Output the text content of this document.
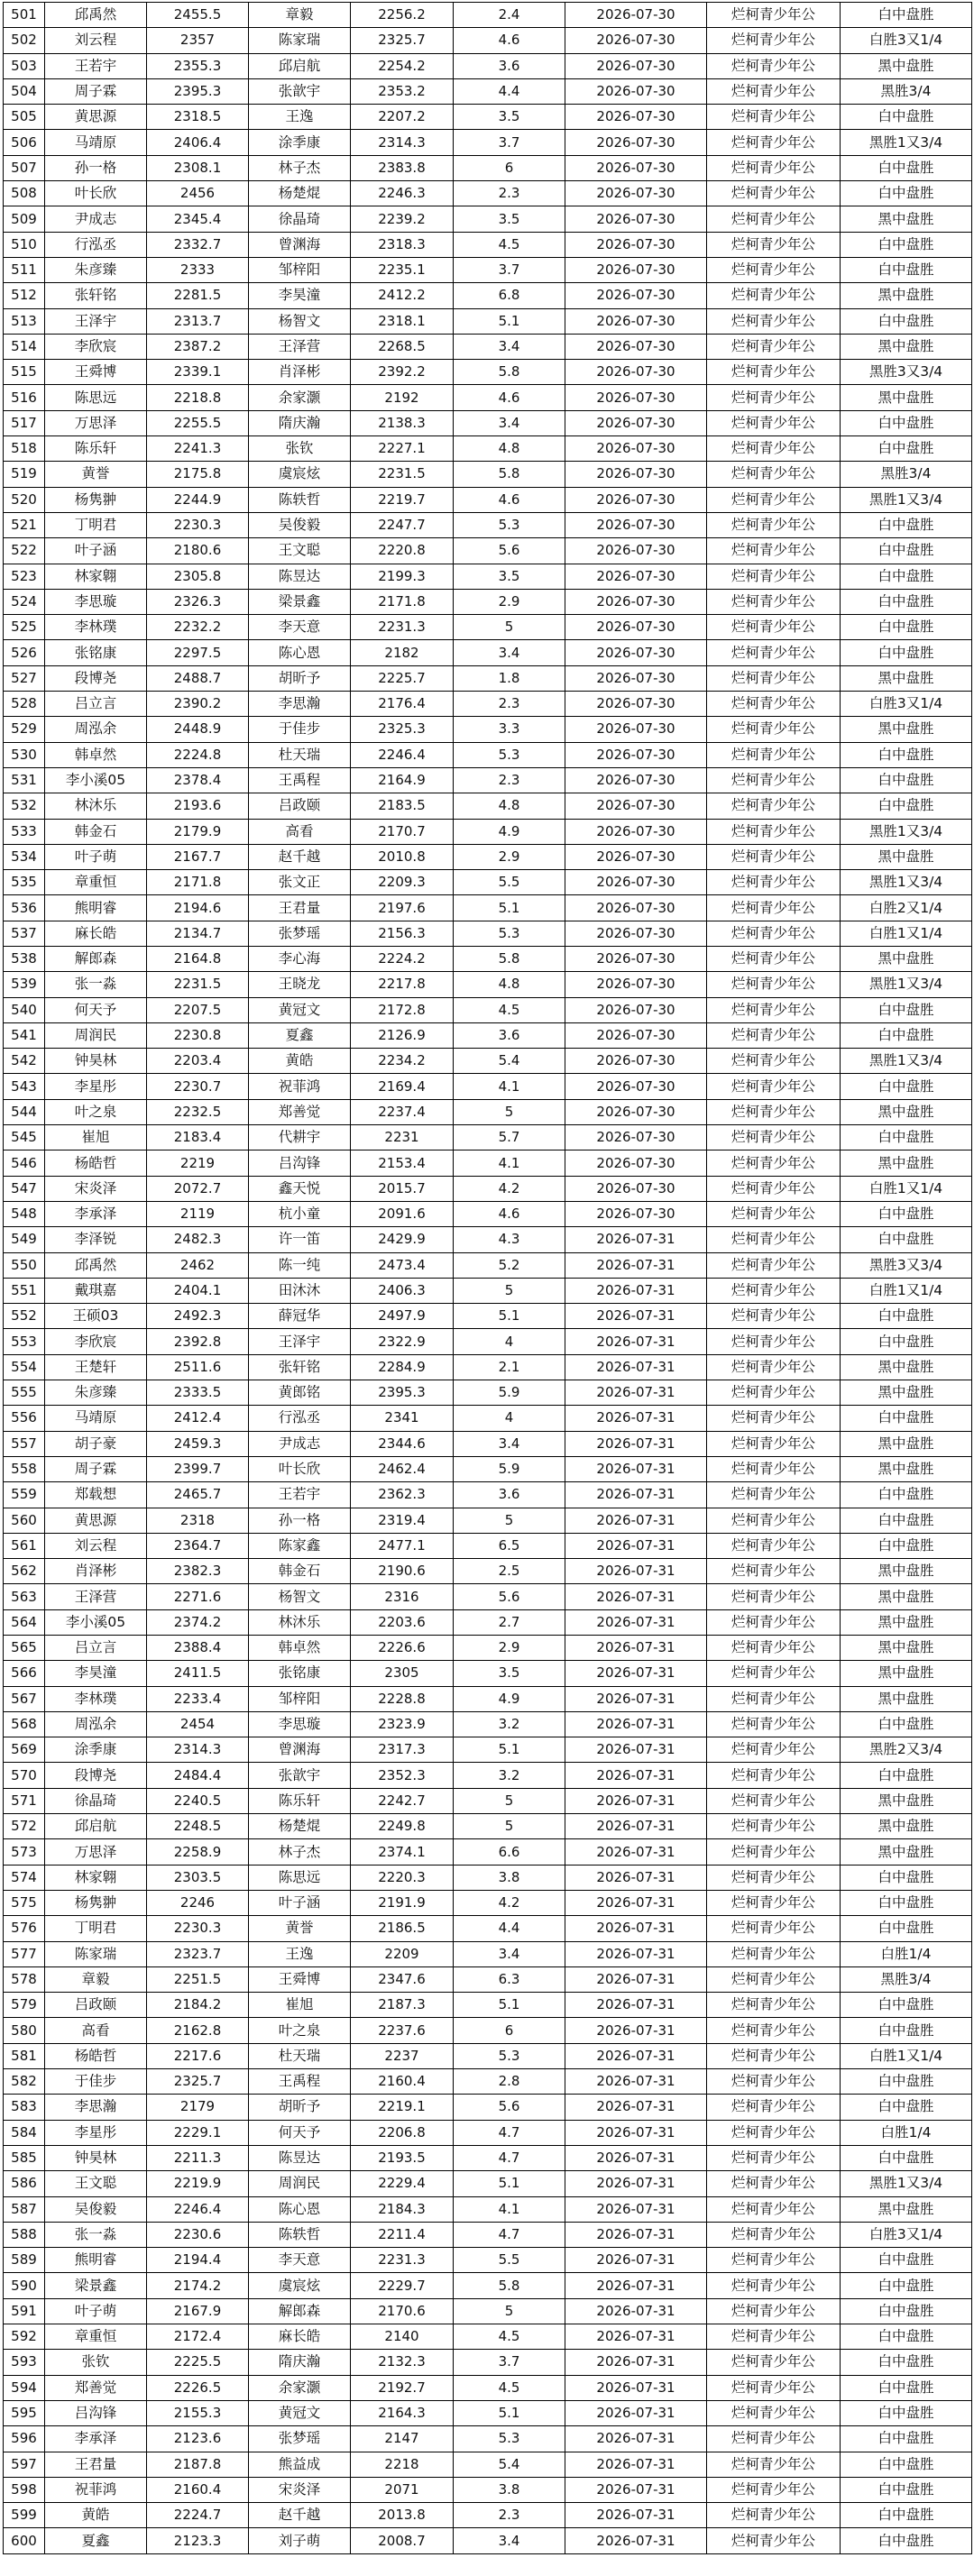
501	邱禹然	2455.5	章毅	2256.2	2.4	2026-07-30	烂柯青少年公	白中盘胜
502	刘云程	2357	陈家瑞	2325.7	4.6	2026-07-30	烂柯青少年公	白胜3又1/4
503	王若宇	2355.3	邱启航	2254.2	3.6	2026-07-30	烂柯青少年公	黑中盘胜
504	周子霖	2395.3	张歆宇	2353.2	4.4	2026-07-30	烂柯青少年公	黑胜3/4
505	黄思源	2318.5	王逸	2207.2	3.5	2026-07-30	烂柯青少年公	白中盘胜
506	马靖原	2406.4	涂季康	2314.3	3.7	2026-07-30	烂柯青少年公	黑胜1又3/4
507	孙一格	2308.1	林子杰	2383.8	6	2026-07-30	烂柯青少年公	白中盘胜
508	叶长欣	2456	杨楚焜	2246.3	2.3	2026-07-30	烂柯青少年公	白中盘胜
509	尹成志	2345.4	徐晶琦	2239.2	3.5	2026-07-30	烂柯青少年公	黑中盘胜
510	行泓丞	2332.7	曾渊海	2318.3	4.5	2026-07-30	烂柯青少年公	白中盘胜
511	朱彦臻	2333	邹梓阳	2235.1	3.7	2026-07-30	烂柯青少年公	白中盘胜
512	张轩铭	2281.5	李昊潼	2412.2	6.8	2026-07-30	烂柯青少年公	黑中盘胜
513	王泽宇	2313.7	杨智文	2318.1	5.1	2026-07-30	烂柯青少年公	白中盘胜
514	李欣宸	2387.2	王泽营	2268.5	3.4	2026-07-30	烂柯青少年公	黑中盘胜
515	王舜博	2339.1	肖泽彬	2392.2	5.8	2026-07-30	烂柯青少年公	黑胜3又3/4
516	陈思远	2218.8	余家灏	2192	4.6	2026-07-30	烂柯青少年公	黑中盘胜
517	万思泽	2255.5	隋庆瀚	2138.3	3.4	2026-07-30	烂柯青少年公	白中盘胜
518	陈乐轩	2241.3	张钦	2227.1	4.8	2026-07-30	烂柯青少年公	白中盘胜
519	黄誉	2175.8	虞宸炫	2231.5	5.8	2026-07-30	烂柯青少年公	黑胜3/4
520	杨隽翀	2244.9	陈轶哲	2219.7	4.6	2026-07-30	烂柯青少年公	黑胜1又3/4
521	丁明君	2230.3	吴俊毅	2247.7	5.3	2026-07-30	烂柯青少年公	白中盘胜
522	叶子涵	2180.6	王文聪	2220.8	5.6	2026-07-30	烂柯青少年公	白中盘胜
523	林家翺	2305.8	陈昱达	2199.3	3.5	2026-07-30	烂柯青少年公	白中盘胜
524	李思璇	2326.3	梁景鑫	2171.8	2.9	2026-07-30	烂柯青少年公	白中盘胜
525	李林璞	2232.2	李天意	2231.3	5	2026-07-30	烂柯青少年公	白中盘胜
526	张铭康	2297.5	陈心恩	2182	3.4	2026-07-30	烂柯青少年公	白中盘胜
527	段博尧	2488.7	胡昕予	2225.7	1.8	2026-07-30	烂柯青少年公	黑中盘胜
528	吕立言	2390.2	李思瀚	2176.4	2.3	2026-07-30	烂柯青少年公	白胜3又1/4
529	周泓余	2448.9	于佳步	2325.3	3.3	2026-07-30	烂柯青少年公	黑中盘胜
530	韩卓然	2224.8	杜天瑞	2246.4	5.3	2026-07-30	烂柯青少年公	白中盘胜
531	李小溪05	2378.4	王禹程	2164.9	2.3	2026-07-30	烂柯青少年公	白中盘胜
532	林沐乐	2193.6	吕政颐	2183.5	4.8	2026-07-30	烂柯青少年公	白中盘胜
533	韩金石	2179.9	高看	2170.7	4.9	2026-07-30	烂柯青少年公	黑胜1又3/4
534	叶子萌	2167.7	赵千越	2010.8	2.9	2026-07-30	烂柯青少年公	黑中盘胜
535	章重恒	2171.8	张文正	2209.3	5.5	2026-07-30	烂柯青少年公	黑胜1又3/4
536	熊明睿	2194.6	王君量	2197.6	5.1	2026-07-30	烂柯青少年公	白胜2又1/4
537	麻长皓	2134.7	张梦瑶	2156.3	5.3	2026-07-30	烂柯青少年公	白胜1又1/4
538	解郎森	2164.8	李心海	2224.2	5.8	2026-07-30	烂柯青少年公	黑中盘胜
539	张一淼	2231.5	王晓龙	2217.8	4.8	2026-07-30	烂柯青少年公	黑胜1又3/4
540	何天予	2207.5	黄冠文	2172.8	4.5	2026-07-30	烂柯青少年公	白中盘胜
541	周润民	2230.8	夏鑫	2126.9	3.6	2026-07-30	烂柯青少年公	白中盘胜
542	钟昊林	2203.4	黄皓	2234.2	5.4	2026-07-30	烂柯青少年公	黑胜1又3/4
543	李星彤	2230.7	祝菲鸿	2169.4	4.1	2026-07-30	烂柯青少年公	白中盘胜
544	叶之泉	2232.5	郑善觉	2237.4	5	2026-07-30	烂柯青少年公	黑中盘胜
545	崔旭	2183.4	代耕宇	2231	5.7	2026-07-30	烂柯青少年公	白中盘胜
546	杨皓哲	2219	吕沟锋	2153.4	4.1	2026-07-30	烂柯青少年公	黑中盘胜
547	宋炎泽	2072.7	鑫天悦	2015.7	4.2	2026-07-30	烂柯青少年公	白胜1又1/4
548	李承泽	2119	杭小童	2091.6	4.6	2026-07-30	烂柯青少年公	白中盘胜
549	李泽锐	2482.3	许一笛	2429.9	4.3	2026-07-31	烂柯青少年公	白中盘胜
550	邱禹然	2462	陈一纯	2473.4	5.2	2026-07-31	烂柯青少年公	黑胜3又3/4
551	戴琪嘉	2404.1	田沐沐	2406.3	5	2026-07-31	烂柯青少年公	白胜1又1/4
552	王硕03	2492.3	薛冠华	2497.9	5.1	2026-07-31	烂柯青少年公	白中盘胜
553	李欣宸	2392.8	王泽宇	2322.9	4	2026-07-31	烂柯青少年公	白中盘胜
554	王楚轩	2511.6	张轩铭	2284.9	2.1	2026-07-31	烂柯青少年公	黑中盘胜
555	朱彦臻	2333.5	黄郎铭	2395.3	5.9	2026-07-31	烂柯青少年公	黑中盘胜
556	马靖原	2412.4	行泓丞	2341	4	2026-07-31	烂柯青少年公	白中盘胜
557	胡子豪	2459.3	尹成志	2344.6	3.4	2026-07-31	烂柯青少年公	黑中盘胜
558	周子霖	2399.7	叶长欣	2462.4	5.9	2026-07-31	烂柯青少年公	黑中盘胜
559	郑载想	2465.7	王若宇	2362.3	3.6	2026-07-31	烂柯青少年公	白中盘胜
560	黄思源	2318	孙一格	2319.4	5	2026-07-31	烂柯青少年公	白中盘胜
561	刘云程	2364.7	陈家鑫	2477.1	6.5	2026-07-31	烂柯青少年公	白中盘胜
562	肖泽彬	2382.3	韩金石	2190.6	2.5	2026-07-31	烂柯青少年公	黑中盘胜
563	王泽营	2271.6	杨智文	2316	5.6	2026-07-31	烂柯青少年公	黑中盘胜
564	李小溪05	2374.2	林沐乐	2203.6	2.7	2026-07-31	烂柯青少年公	黑中盘胜
565	吕立言	2388.4	韩卓然	2226.6	2.9	2026-07-31	烂柯青少年公	黑中盘胜
566	李昊潼	2411.5	张铭康	2305	3.5	2026-07-31	烂柯青少年公	黑中盘胜
567	李林璞	2233.4	邹梓阳	2228.8	4.9	2026-07-31	烂柯青少年公	黑中盘胜
568	周泓余	2454	李思璇	2323.9	3.2	2026-07-31	烂柯青少年公	白中盘胜
569	涂季康	2314.3	曾渊海	2317.3	5.1	2026-07-31	烂柯青少年公	黑胜2又3/4
570	段博尧	2484.4	张歆宇	2352.3	3.2	2026-07-31	烂柯青少年公	白中盘胜
571	徐晶琦	2240.5	陈乐轩	2242.7	5	2026-07-31	烂柯青少年公	黑中盘胜
572	邱启航	2248.5	杨楚焜	2249.8	5	2026-07-31	烂柯青少年公	黑中盘胜
573	万思泽	2258.9	林子杰	2374.1	6.6	2026-07-31	烂柯青少年公	黑中盘胜
574	林家翺	2303.5	陈思远	2220.3	3.8	2026-07-31	烂柯青少年公	白中盘胜
575	杨隽翀	2246	叶子涵	2191.9	4.2	2026-07-31	烂柯青少年公	白中盘胜
576	丁明君	2230.3	黄誉	2186.5	4.4	2026-07-31	烂柯青少年公	白中盘胜
577	陈家瑞	2323.7	王逸	2209	3.4	2026-07-31	烂柯青少年公	白胜1/4
578	章毅	2251.5	王舜博	2347.6	6.3	2026-07-31	烂柯青少年公	黑胜3/4
579	吕政颐	2184.2	崔旭	2187.3	5.1	2026-07-31	烂柯青少年公	白中盘胜
580	高看	2162.8	叶之泉	2237.6	6	2026-07-31	烂柯青少年公	白中盘胜
581	杨皓哲	2217.6	杜天瑞	2237	5.3	2026-07-31	烂柯青少年公	白胜1又1/4
582	于佳步	2325.7	王禹程	2160.4	2.8	2026-07-31	烂柯青少年公	白中盘胜
583	李思瀚	2179	胡昕予	2219.1	5.6	2026-07-31	烂柯青少年公	白中盘胜
584	李星彤	2229.1	何天予	2206.8	4.7	2026-07-31	烂柯青少年公	白胜1/4
585	钟昊林	2211.3	陈昱达	2193.5	4.7	2026-07-31	烂柯青少年公	白中盘胜
586	王文聪	2219.9	周润民	2229.4	5.1	2026-07-31	烂柯青少年公	黑胜1又3/4
587	吴俊毅	2246.4	陈心恩	2184.3	4.1	2026-07-31	烂柯青少年公	黑中盘胜
588	张一淼	2230.6	陈轶哲	2211.4	4.7	2026-07-31	烂柯青少年公	白胜3又1/4
589	熊明睿	2194.4	李天意	2231.3	5.5	2026-07-31	烂柯青少年公	白中盘胜
590	梁景鑫	2174.2	虞宸炫	2229.7	5.8	2026-07-31	烂柯青少年公	白中盘胜
591	叶子萌	2167.9	解郎森	2170.6	5	2026-07-31	烂柯青少年公	白中盘胜
592	章重恒	2172.4	麻长皓	2140	4.5	2026-07-31	烂柯青少年公	白中盘胜
593	张钦	2225.5	隋庆瀚	2132.3	3.7	2026-07-31	烂柯青少年公	白中盘胜
594	郑善觉	2226.5	余家灏	2192.7	4.5	2026-07-31	烂柯青少年公	白中盘胜
595	吕沟锋	2155.3	黄冠文	2164.3	5.1	2026-07-31	烂柯青少年公	白中盘胜
596	李承泽	2123.6	张梦瑶	2147	5.3	2026-07-31	烂柯青少年公	白中盘胜
597	王君量	2187.8	熊益成	2218	5.4	2026-07-31	烂柯青少年公	白中盘胜
598	祝菲鸿	2160.4	宋炎泽	2071	3.8	2026-07-31	烂柯青少年公	白中盘胜
599	黄皓	2224.7	赵千越	2013.8	2.3	2026-07-31	烂柯青少年公	白中盘胜
600	夏鑫	2123.3	刘子萌	2008.7	3.4	2026-07-31	烂柯青少年公	白中盘胜
